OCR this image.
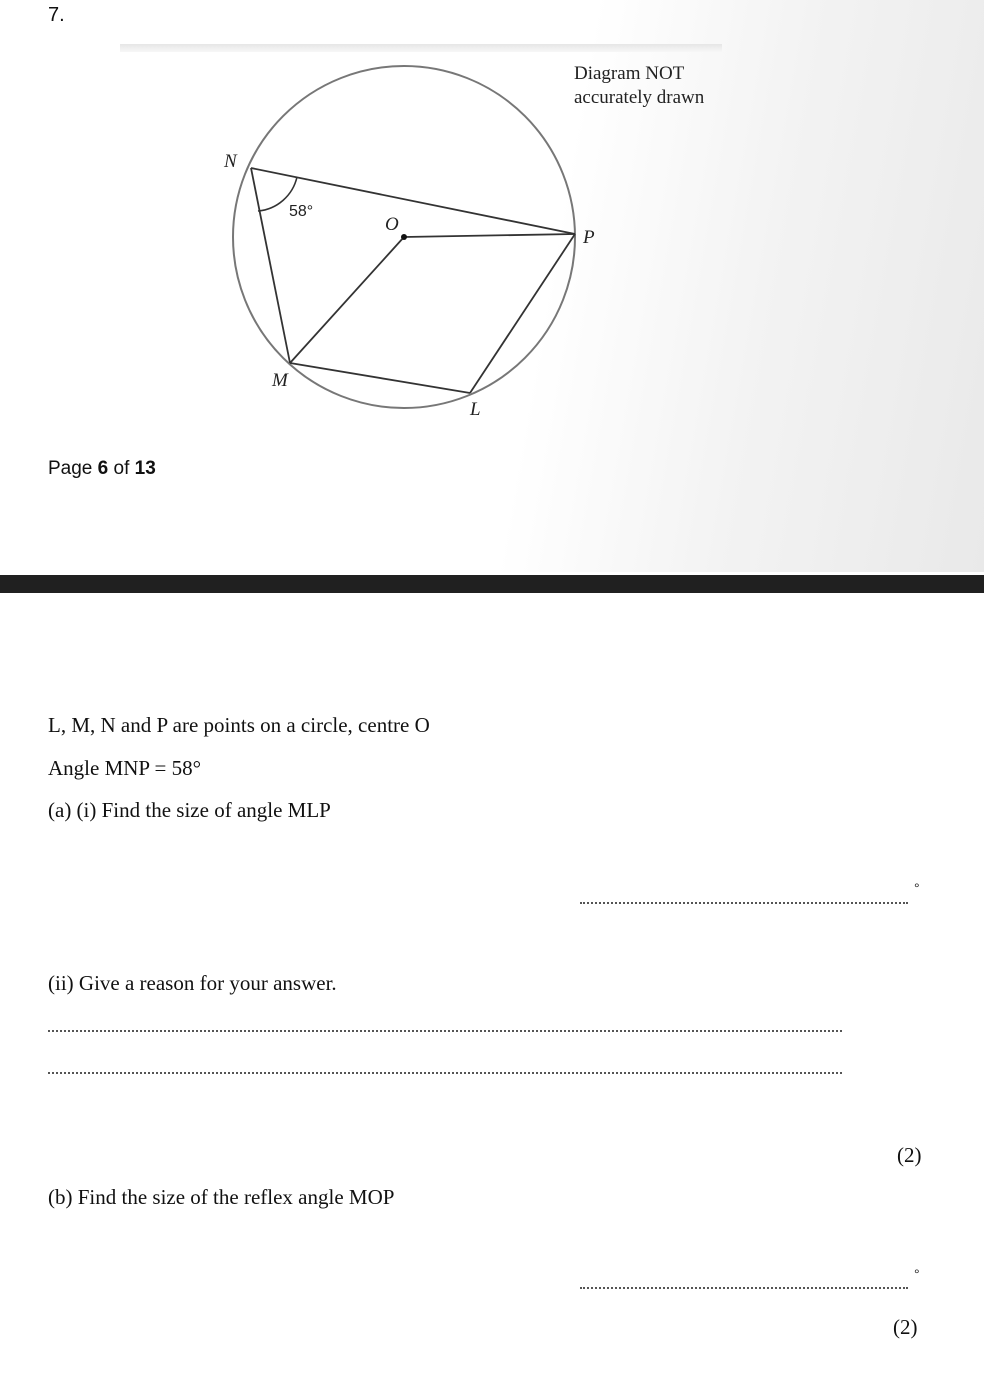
7.
N
O
P
M
L
58°
Diagram NOT
accurately drawn
Page 6 of 13
L, M, N and P are points on a circle, centre O
Angle MNP = 58°
(a) (i) Find the size of angle MLP
°
(ii) Give a reason for your answer.
(2)
(b) Find the size of the reflex angle MOP
°
(2)
